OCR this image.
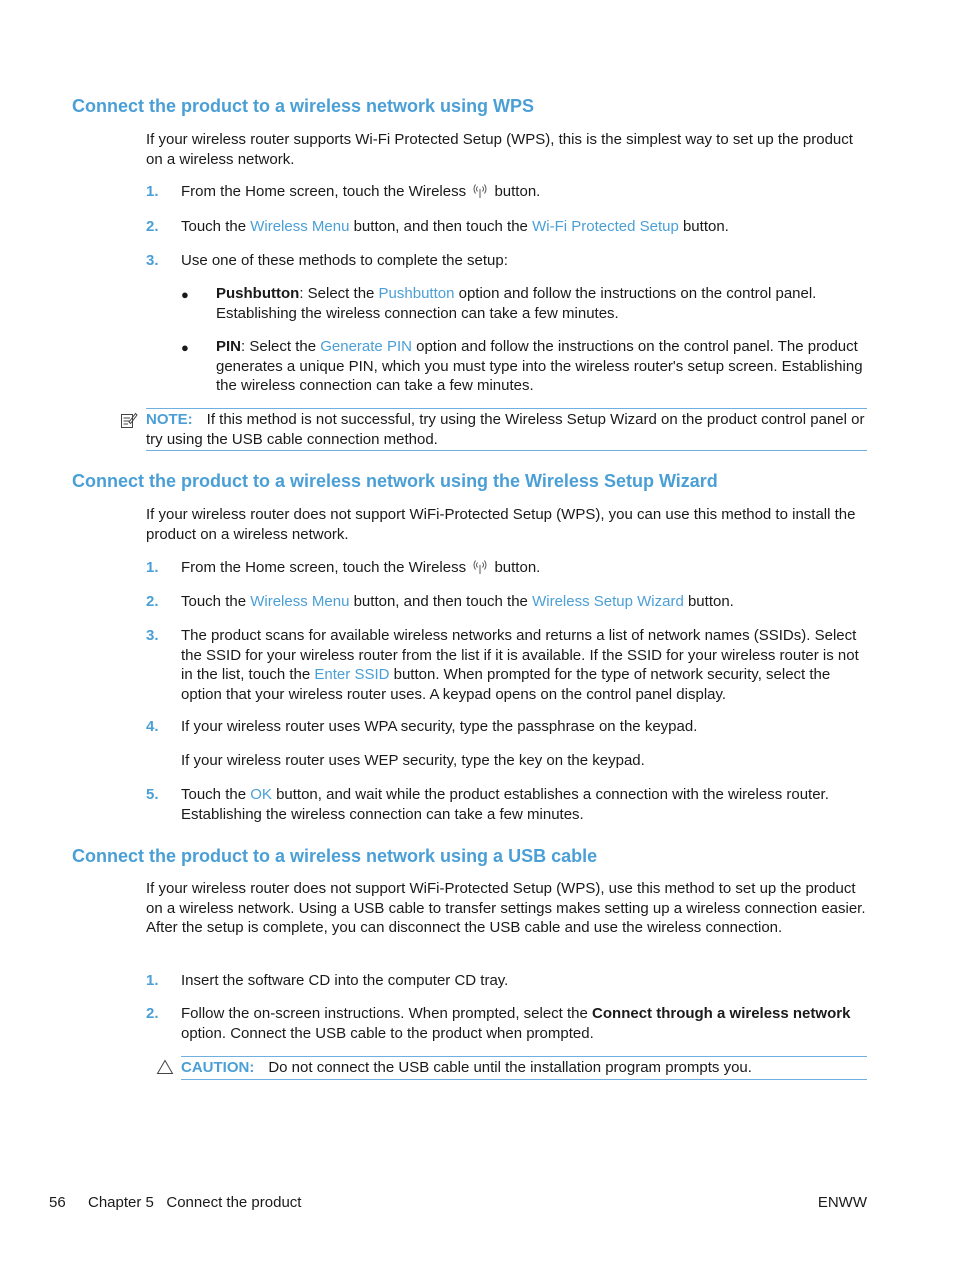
Connect the product to a wireless network using WPS
If your wireless router supports Wi-Fi Protected Setup (WPS), this is the simplest way to set up the product on a wireless network.
1. From the Home screen, touch the Wireless button.
2. Touch the Wireless Menu button, and then touch the Wi-Fi Protected Setup button.
3. Use one of these methods to complete the setup:
● Pushbutton: Select the Pushbutton option and follow the instructions on the control panel. Establishing the wireless connection can take a few minutes.
● PIN: Select the Generate PIN option and follow the instructions on the control panel. The product generates a unique PIN, which you must type into the wireless router's setup screen. Establishing the wireless connection can take a few minutes.
NOTE: If this method is not successful, try using the Wireless Setup Wizard on the product control panel or try using the USB cable connection method.
Connect the product to a wireless network using the Wireless Setup Wizard
If your wireless router does not support WiFi-Protected Setup (WPS), you can use this method to install the product on a wireless network.
1. From the Home screen, touch the Wireless button.
2. Touch the Wireless Menu button, and then touch the Wireless Setup Wizard button.
3. The product scans for available wireless networks and returns a list of network names (SSIDs). Select the SSID for your wireless router from the list if it is available. If the SSID for your wireless router is not in the list, touch the Enter SSID button. When prompted for the type of network security, select the option that your wireless router uses. A keypad opens on the control panel display.
4. If your wireless router uses WPA security, type the passphrase on the keypad.
If your wireless router uses WEP security, type the key on the keypad.
5. Touch the OK button, and wait while the product establishes a connection with the wireless router. Establishing the wireless connection can take a few minutes.
Connect the product to a wireless network using a USB cable
If your wireless router does not support WiFi-Protected Setup (WPS), use this method to set up the product on a wireless network. Using a USB cable to transfer settings makes setting up a wireless connection easier. After the setup is complete, you can disconnect the USB cable and use the wireless connection.
1. Insert the software CD into the computer CD tray.
2. Follow the on-screen instructions. When prompted, select the Connect through a wireless network option. Connect the USB cable to the product when prompted.
CAUTION: Do not connect the USB cable until the installation program prompts you.
56 Chapter 5   Connect the product	ENWW
